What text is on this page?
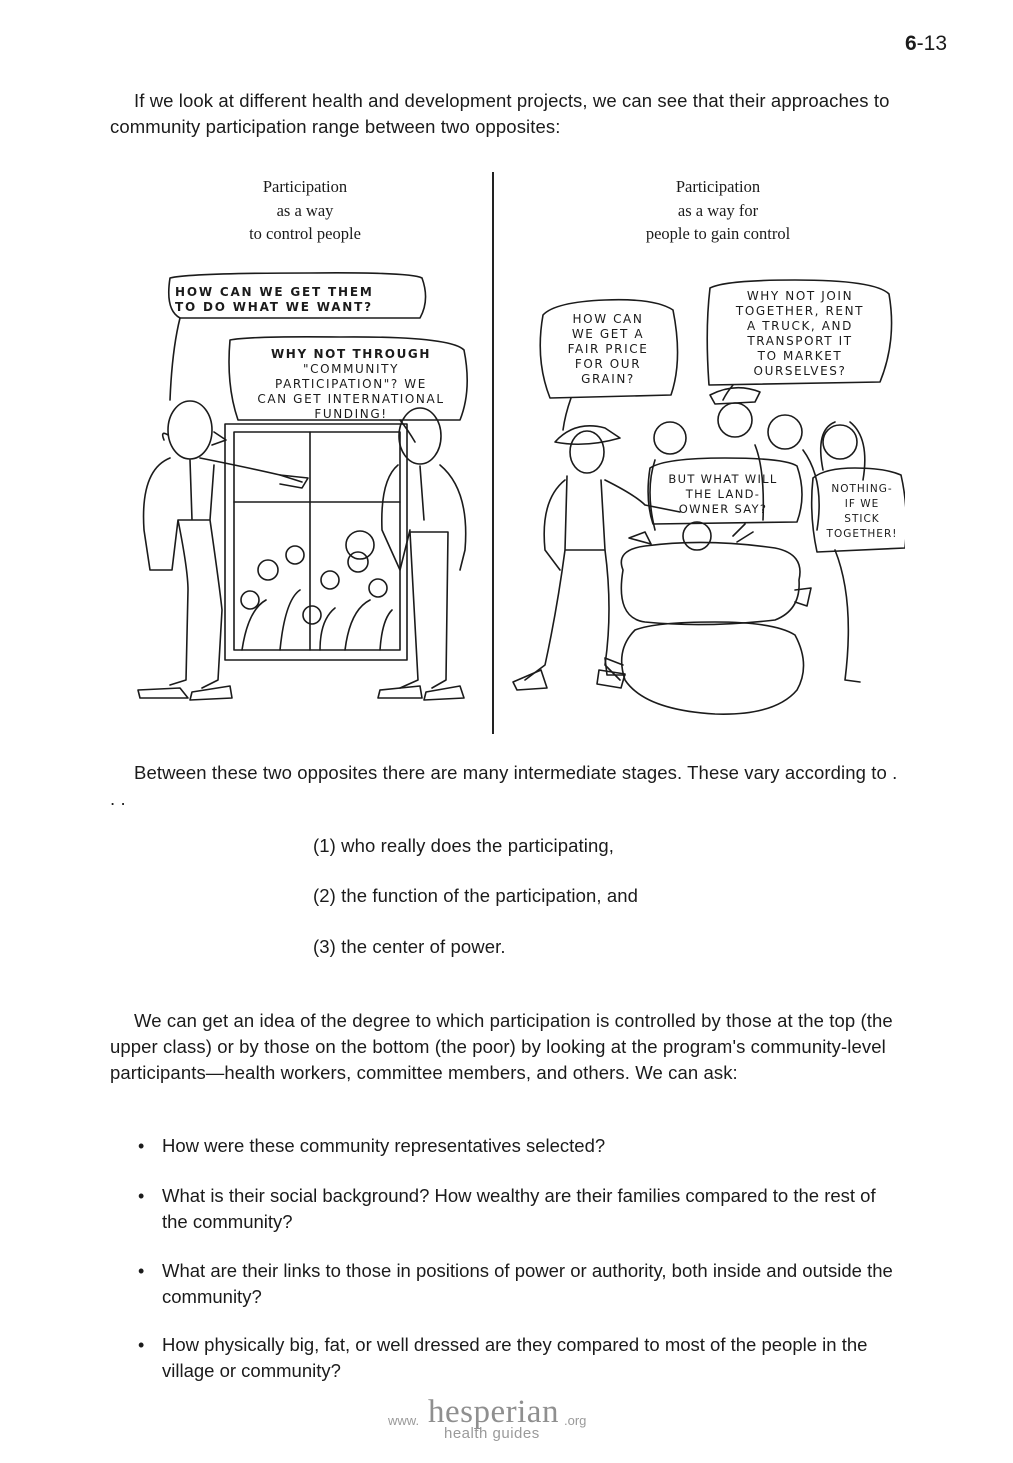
6-13
If we look at different health and development projects, we can see that their approaches to community participation range between two opposites:
Participation
as a way
to control people
Participation
as a way for
people to gain control
HOW CAN WE GET THEM
TO DO WHAT WE WANT?
WHY NOT THROUGH
"COMMUNITY
PARTICIPATION"? WE
CAN GET INTERNATIONAL
FUNDING!
HOW CAN
WE GET A
FAIR PRICE
FOR OUR
GRAIN?
WHY NOT JOIN
TOGETHER, RENT
A TRUCK, AND
TRANSPORT IT
TO MARKET
OURSELVES?
BUT WHAT WILL
THE LAND-
OWNER SAY?
NOTHING-
IF WE
STICK
TOGETHER!
Between these two opposites there are many intermediate stages. These vary according to . . .
(1) who really does the participating,
(2) the function of the participation, and
(3) the center of power.
We can get an idea of the degree to which participation is controlled by those at the top (the upper class) or by those on the bottom (the poor) by looking at the program's community-level participants—health workers, committee members, and others. We can ask:
• How were these community representatives selected?
• What is their social background? How wealthy are their families compared to the rest of the community?
• What are their links to those in positions of power or authority, both inside and outside the community?
• How physically big, fat, or well dressed are they compared to most of the people in the village or community?
www. hesperian .org
health guides
